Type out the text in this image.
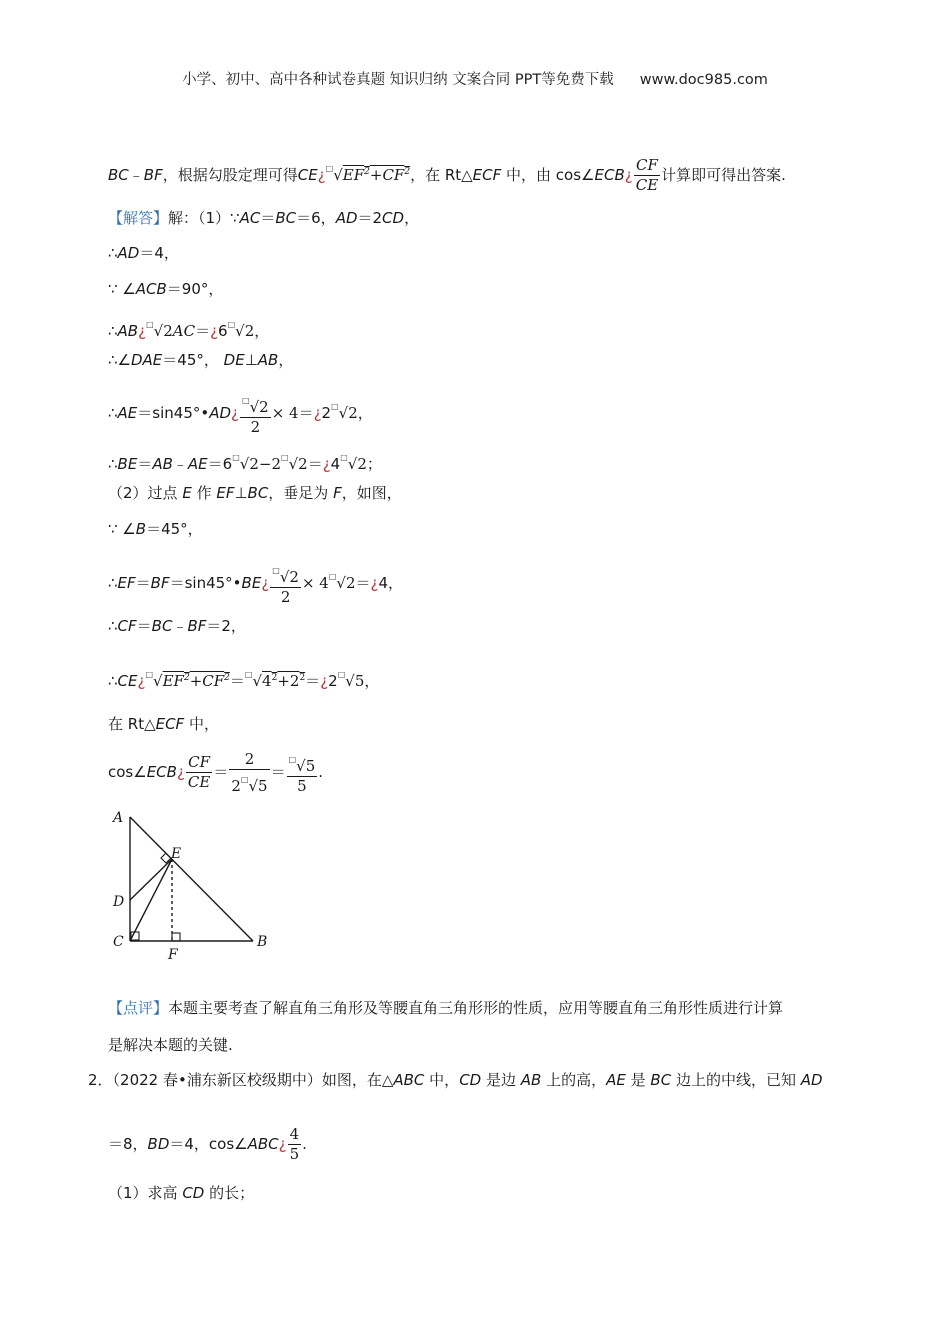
小学、初中、高中各种试卷真题 知识归纳 文案合同 PPT等免费下载 www.doc985.com
BC﹣BF，根据勾股定理可得$CE¿^□√EF^2+CF^2$，在 Rt△ECF 中，由 cos∠ECB¿ $\frac{CF}{CE}$ 计算即可得出答案.
【解答】解：（1）∵AC＝BC＝6，AD＝2CD，
∴AD＝4，
∵ ∠ACB＝90°，
∴AB¿□√2AC＝¿6□√2，
∴∠DAE＝45°， DE⊥AB，
∴AE＝sin45°•AD¿ $\frac{^□√2}{2}$ × 4＝¿2□√2，
∴BE＝AB﹣AE＝6□√2−2□√2＝¿4□√2；
（2）过点 E 作 EF⊥BC，垂足为 F，如图，
∵ ∠B＝45°，
∴EF＝BF＝sin45°•BE¿ $\frac{^□√2}{2}$ × 4□√2＝¿4，
∴CF＝BC﹣BF＝2，
$\therefore CE¿^□√EF^2+CF^2=^□√4^2+2^2=¿2^□√5$，
在 Rt△ECF 中，
cos∠ECB¿ $\frac{CF}{CE} = \frac{2}{2^□√5} = \frac{^□√5}{5}$ .
A
D
C
E
F
B
【点评】本题主要考查了解直角三角形及等腰直角三角形形的性质，应用等腰直角三角形性质进行计算
是解决本题的关键.
2．（2022 春•浦东新区校级期中）如图，在△ABC 中，CD 是边 AB 上的高，AE 是 BC 边上的中线，已知 AD
＝8，BD＝4，cos∠ABC¿ $\frac{4}{5}$ .
（1）求高 CD 的长；
